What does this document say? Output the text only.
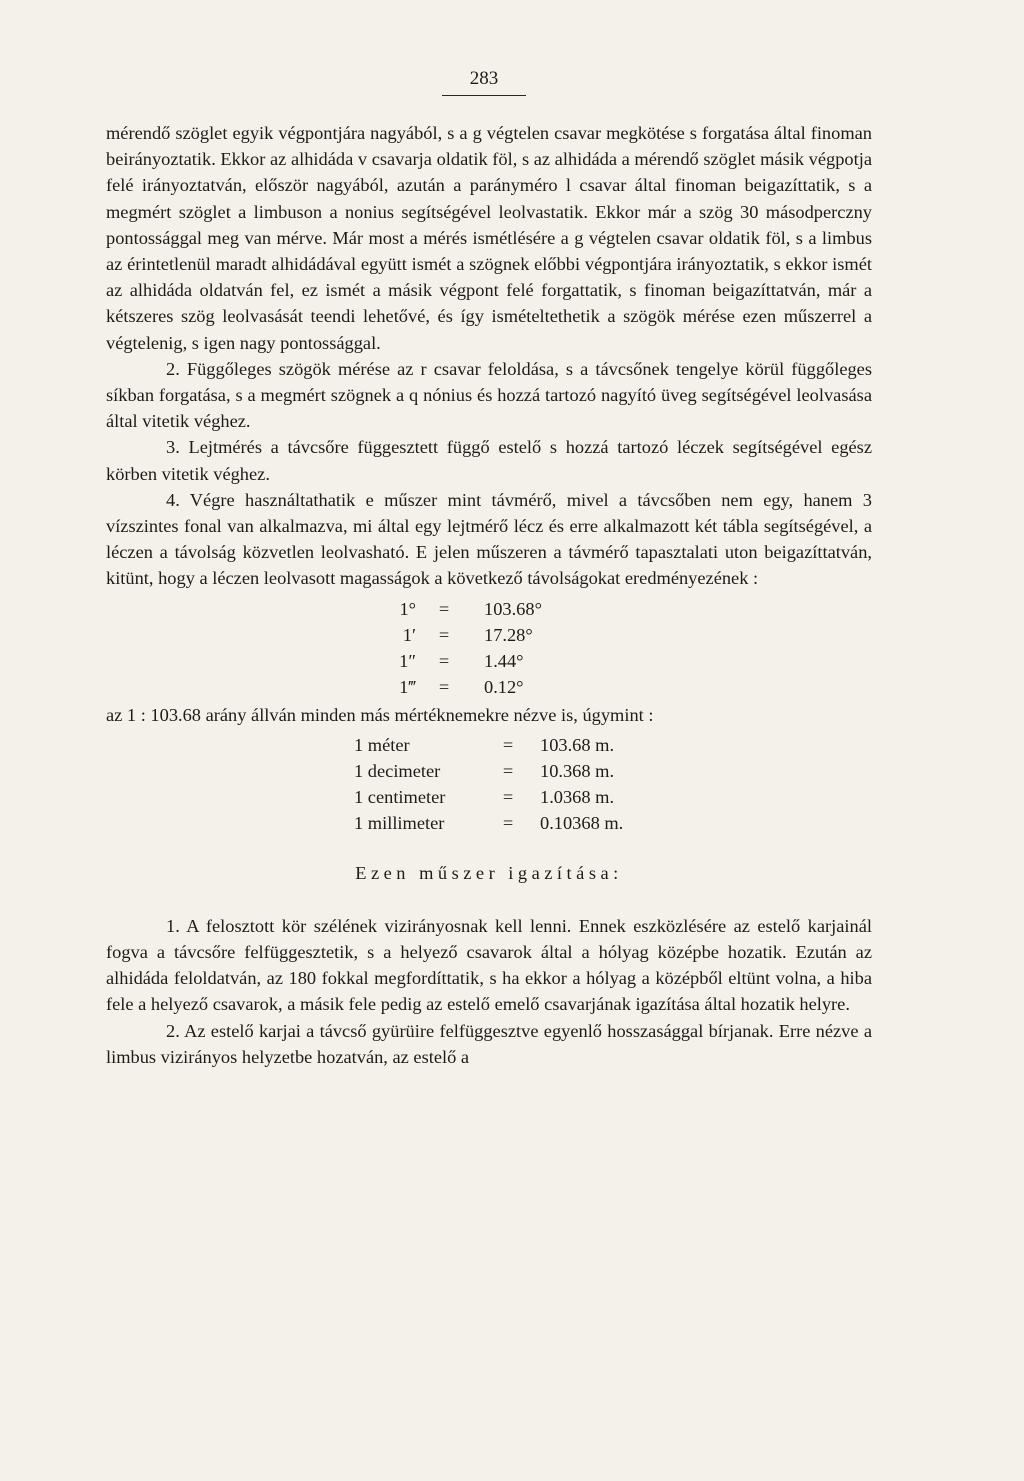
283

mérendő szöglet egyik végpontjára nagyából, s a g végtelen csavar megkötése s forgatása által finoman beirányoztatik. Ekkor az alhidáda v csavarja oldatik föl, s az alhidáda a mérendő szöglet másik végpotja felé irányoztatván, először nagyából, azután a parányméro l csavar által finoman beigazíttatik, s a megmért szöglet a limbuson a nonius segítségével leolvastatik. Ekkor már a szög 30 másodperczny pontossággal meg van mérve. Már most a mérés ismétlésére a g végtelen csavar oldatik föl, s a limbus az érintetlenül maradt alhidádával együtt ismét a szögnek előbbi végpontjára irányoztatik, s ekkor ismét az alhidáda oldatván fel, ez ismét a másik végpont felé forgattatik, s finoman beigazíttatván, már a kétszeres szög leolvasását teendi lehetővé, és így ismételtethetik a szögök mérése ezen műszerrel a végtelenig, s igen nagy pontossággal.

2. Függőleges szögök mérése az r csavar feloldása, s a távcsőnek tengelye körül függőleges síkban forgatása, s a megmért szögnek a q nónius és hozzá tartozó nagyító üveg segítségével leolvasása által vitetik véghez.

3. Lejtmérés a távcsőre függesztett függő estelő s hozzá tartozó léczek segítségével egész körben vitetik véghez.

4. Végre használtathatik e műszer mint távmérő, mivel a távcsőben nem egy, hanem 3 vízszintes fonal van alkalmazva, mi által egy lejtmérő lécz és erre alkalmazott két tábla segítségével, a léczen a távolság közvetlen leolvasható. E jelen műszeren a távmérő tapasztalati uton beigazíttatván, kitünt, hogy a léczen leolvasott magasságok a következő távolságokat eredményezének :

1°	=	103.68°
1′	=	17.28°
1″	=	1.44°
1‴	=	0.12°

az 1 : 103.68 arány állván minden más mértéknemekre nézve is, úgymint :

1 méter	=	103.68 m.
1 decimeter	=	10.368 m.
1 centimeter	=	1.0368 m.
1 millimeter	=	0.10368 m.
Ezen műszer igazítása:

1. A felosztott kör szélének vizirányosnak kell lenni. Ennek eszközlésére az estelő karjainál fogva a távcsőre felfüggesztetik, s a helyező csavarok által a hólyag középbe hozatik. Ezután az alhidáda feloldatván, az 180 fokkal megfordíttatik, s ha ekkor a hólyag a középből eltünt volna, a hiba fele a helyező csavarok, a másik fele pedig az estelő emelő csavarjának igazítása által hozatik helyre.

2. Az estelő karjai a távcső gyürüire felfüggesztve egyenlő hosszasággal bírjanak. Erre nézve a limbus vizirányos helyzetbe hozatván, az estelő a
